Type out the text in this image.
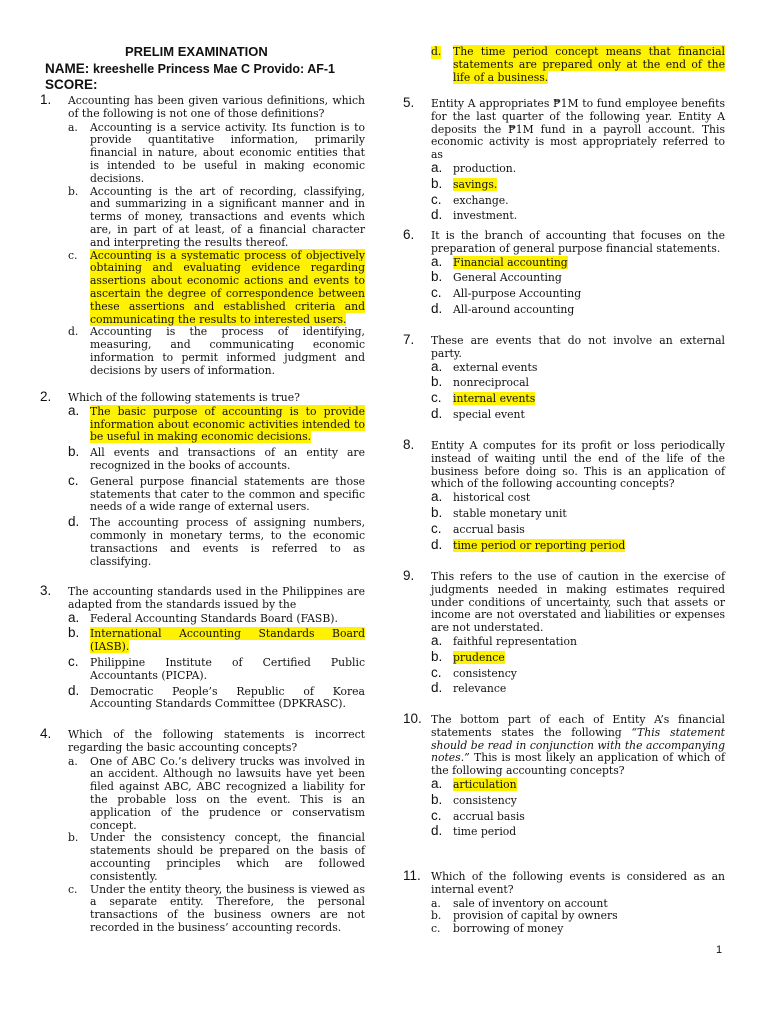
PRELIM EXAMINATION
NAME: kreeshelle Princess Mae C Provido: AF-1
SCORE:
1. Accounting has been given various definitions, which of the following is not one of those definitions?
a. Accounting is a service activity. Its function is to provide quantitative information, primarily financial in nature, about economic entities that is intended to be useful in making economic decisions.
b. Accounting is the art of recording, classifying, and summarizing in a significant manner and in terms of money, transactions and events which are, in part of at least, of a financial character and interpreting the results thereof.
c. Accounting is a systematic process of objectively obtaining and evaluating evidence regarding assertions about economic actions and events to ascertain the degree of correspondence between these assertions and established criteria and communicating the results to interested users.
d. Accounting is the process of identifying, measuring, and communicating economic information to permit informed judgment and decisions by users of information.
2. Which of the following statements is true?
a. The basic purpose of accounting is to provide information about economic activities intended to be useful in making economic decisions.
b. All events and transactions of an entity are recognized in the books of accounts.
c. General purpose financial statements are those statements that cater to the common and specific needs of a wide range of external users.
d. The accounting process of assigning numbers, commonly in monetary terms, to the economic transactions and events is referred to as classifying.
3. The accounting standards used in the Philippines are adapted from the standards issued by the
a. Federal Accounting Standards Board (FASB).
b. International Accounting Standards Board (IASB).
c. Philippine Institute of Certified Public Accountants (PICPA).
d. Democratic People’s Republic of Korea Accounting Standards Committee (DPKRASC).
4. Which of the following statements is incorrect regarding the basic accounting concepts?
a. One of ABC Co.’s delivery trucks was involved in an accident. Although no lawsuits have yet been filed against ABC, ABC recognized a liability for the probable loss on the event. This is an application of the prudence or conservatism concept.
b. Under the consistency concept, the financial statements should be prepared on the basis of accounting principles which are followed consistently.
c. Under the entity theory, the business is viewed as a separate entity. Therefore, the personal transactions of the business owners are not recorded in the business’ accounting records.
d. The time period concept means that financial statements are prepared only at the end of the life of a business.
5. Entity A appropriates ₱1M to fund employee benefits for the last quarter of the following year. Entity A deposits the ₱1M fund in a payroll account. This economic activity is most appropriately referred to as
a. production.
b. savings.
c. exchange.
d. investment.
6. It is the branch of accounting that focuses on the preparation of general purpose financial statements.
a. Financial accounting
b. General Accounting
c. All-purpose Accounting
d. All-around accounting
7. These are events that do not involve an external party.
a. external events
b. nonreciprocal
c. internal events
d. special event
8. Entity A computes for its profit or loss periodically instead of waiting until the end of the life of the business before doing so. This is an application of which of the following accounting concepts?
a. historical cost
b. stable monetary unit
c. accrual basis
d. time period or reporting period
9. This refers to the use of caution in the exercise of judgments needed in making estimates required under conditions of uncertainty, such that assets or income are not overstated and liabilities or expenses are not understated.
a. faithful representation
b. prudence
c. consistency
d. relevance
10. The bottom part of each of Entity A’s financial statements states the following “This statement should be read in conjunction with the accompanying notes.” This is most likely an application of which of the following accounting concepts?
a. articulation
b. consistency
c. accrual basis
d. time period
11. Which of the following events is considered as an internal event?
a. sale of inventory on account
b. provision of capital by owners
c. borrowing of money
1
